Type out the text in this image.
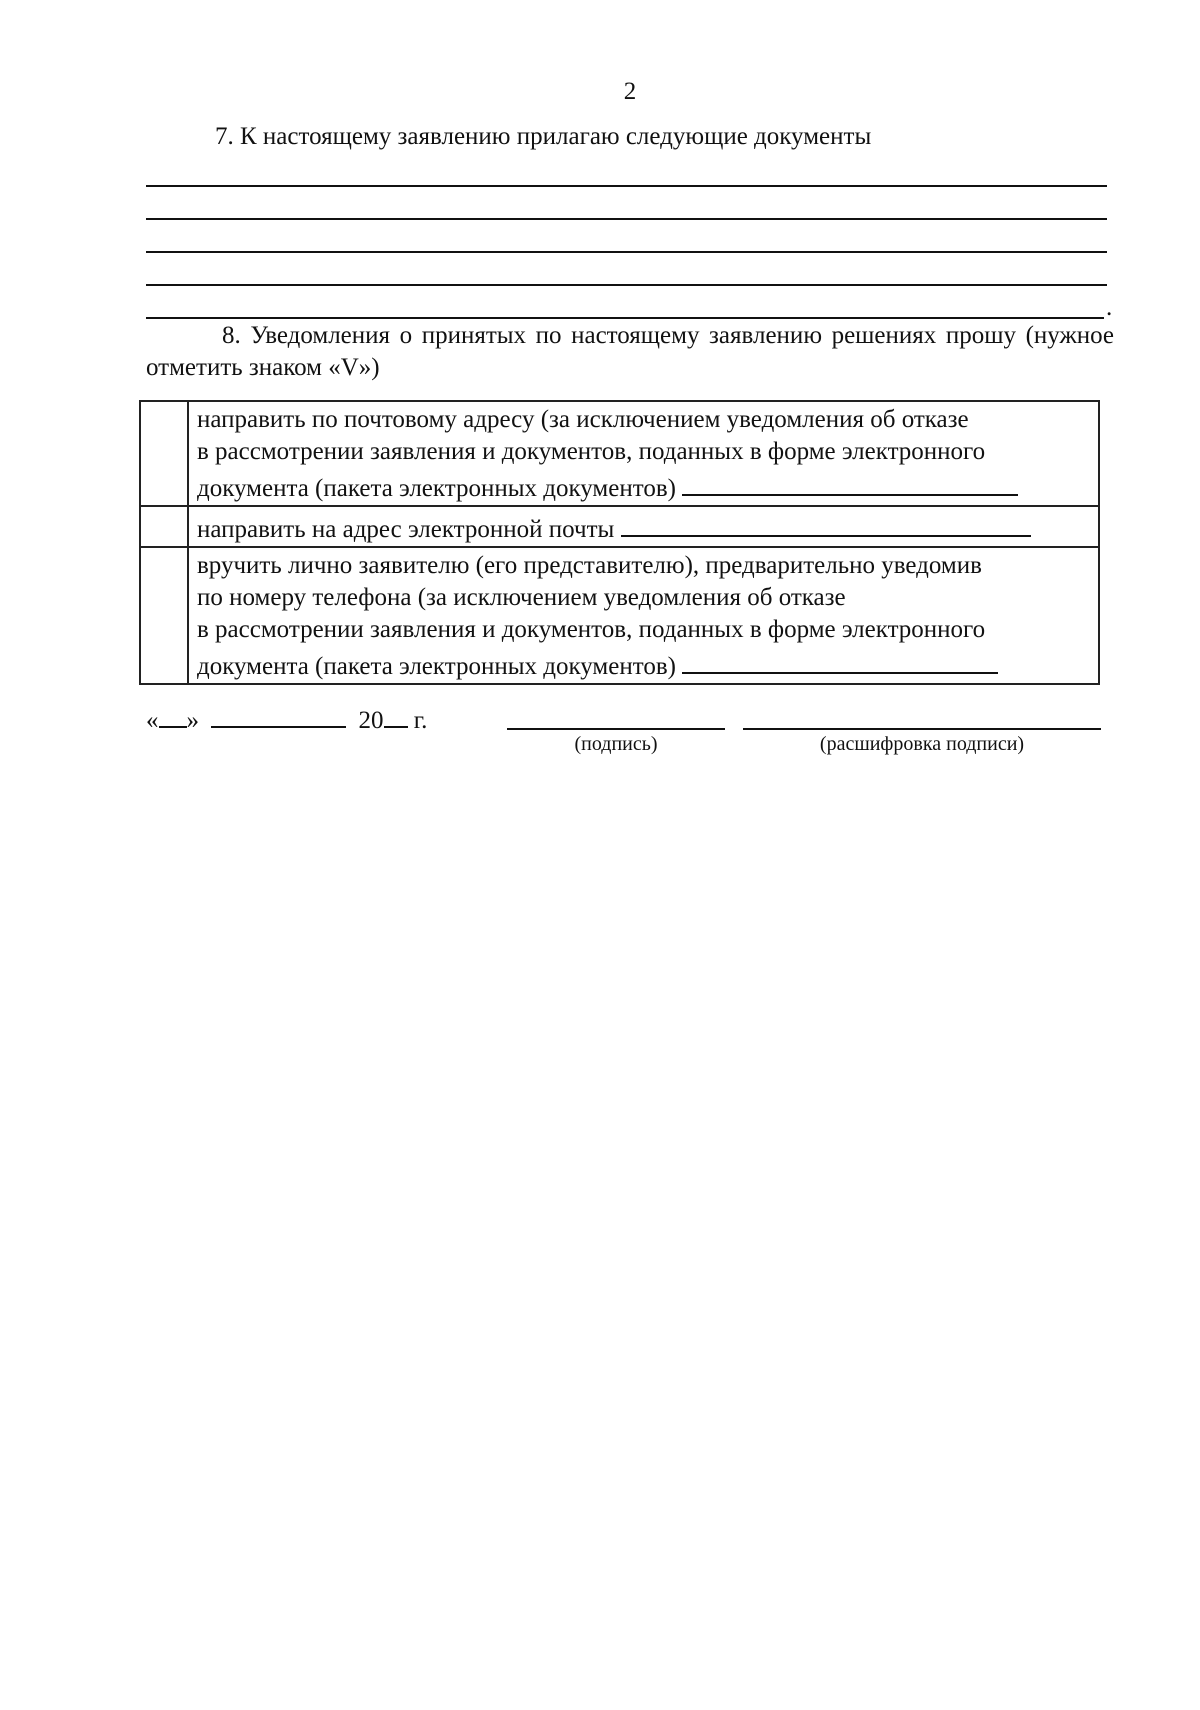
2
7. К настоящему заявлению прилагаю следующие документы
.
8. Уведомления о принятых по настоящему заявлению решениях прошу (нужное отметить знаком «V»)

	направить по почтовому адресу (за исключением уведомления об отказе
в рассмотрении заявления и документов, поданных в форме электронного
документа (пакета электронных документов)

	направить на адрес электронной почты

	вручить лично заявителю (его представителю), предварительно уведомив
по номеру телефона (за исключением уведомления об отказе
в рассмотрении заявления и документов, поданных в форме электронного
документа (пакета электронных документов)
« »	20 г.
(подпись)	(расшифровка подписи)
